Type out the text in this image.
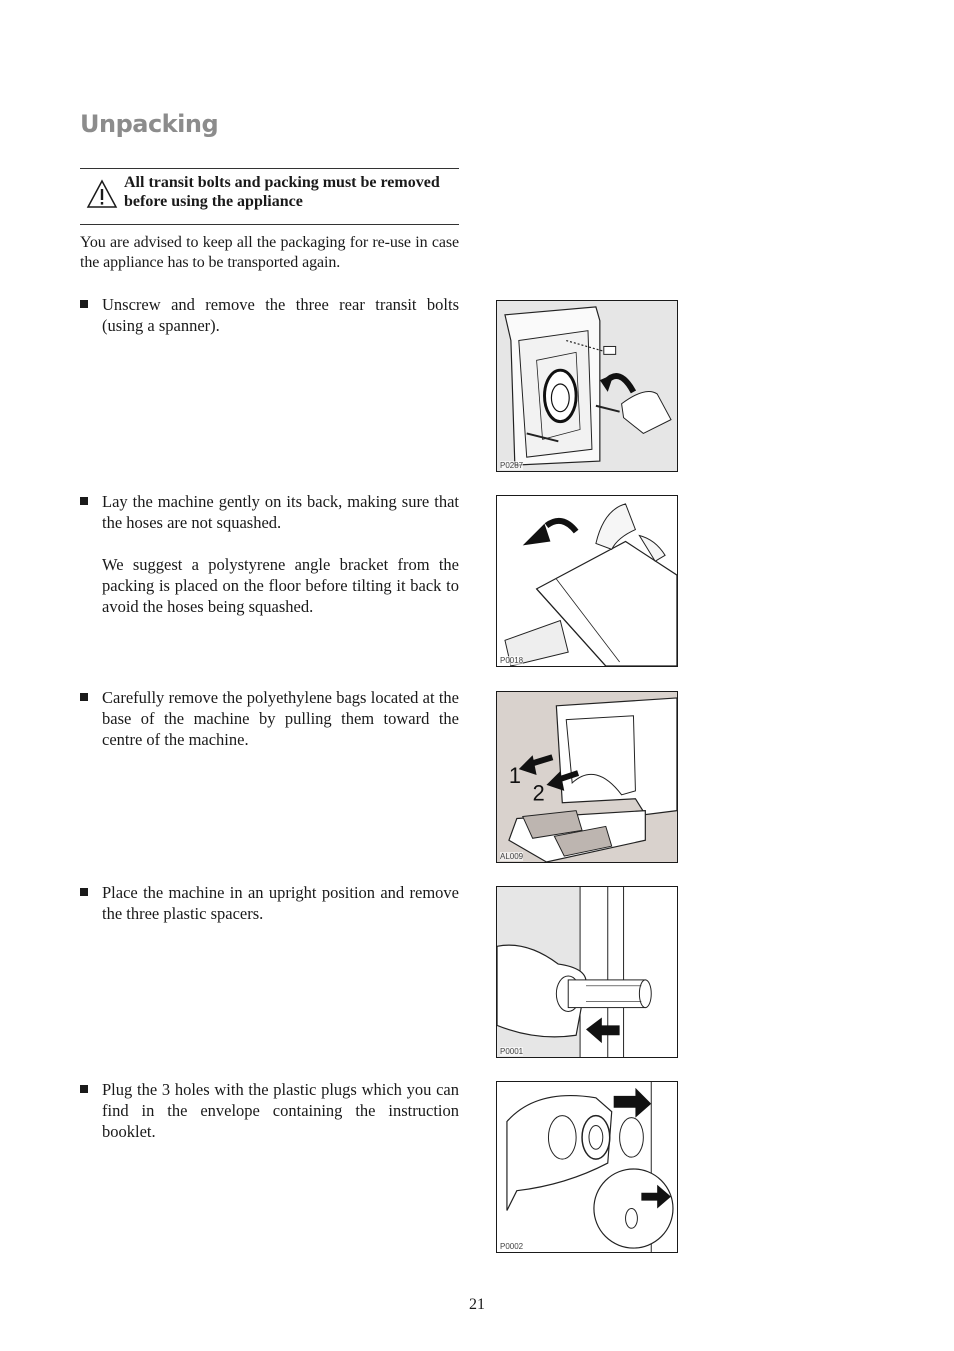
Unpacking
All transit bolts and packing must be removed before using the appliance

You are advised to keep all the packaging for re-use in case the appliance has to be transported again.

Unscrew and remove the three rear transit bolts (using a spanner).

P0287

Lay the machine gently on its back, making sure that the hoses are not squashed.

We suggest a polystyrene angle bracket from the packing is placed on the floor before tilting it back to avoid the hoses being squashed.

P0018

Carefully remove the polyethylene bags located at the base of the machine by pulling them toward the centre of the machine.

1
2
AL009

Place the machine in an upright position and remove the three plastic spacers.

P0001

Plug the 3 holes with the plastic plugs which you can find in the envelope containing the instruction booklet.

P0002
21
